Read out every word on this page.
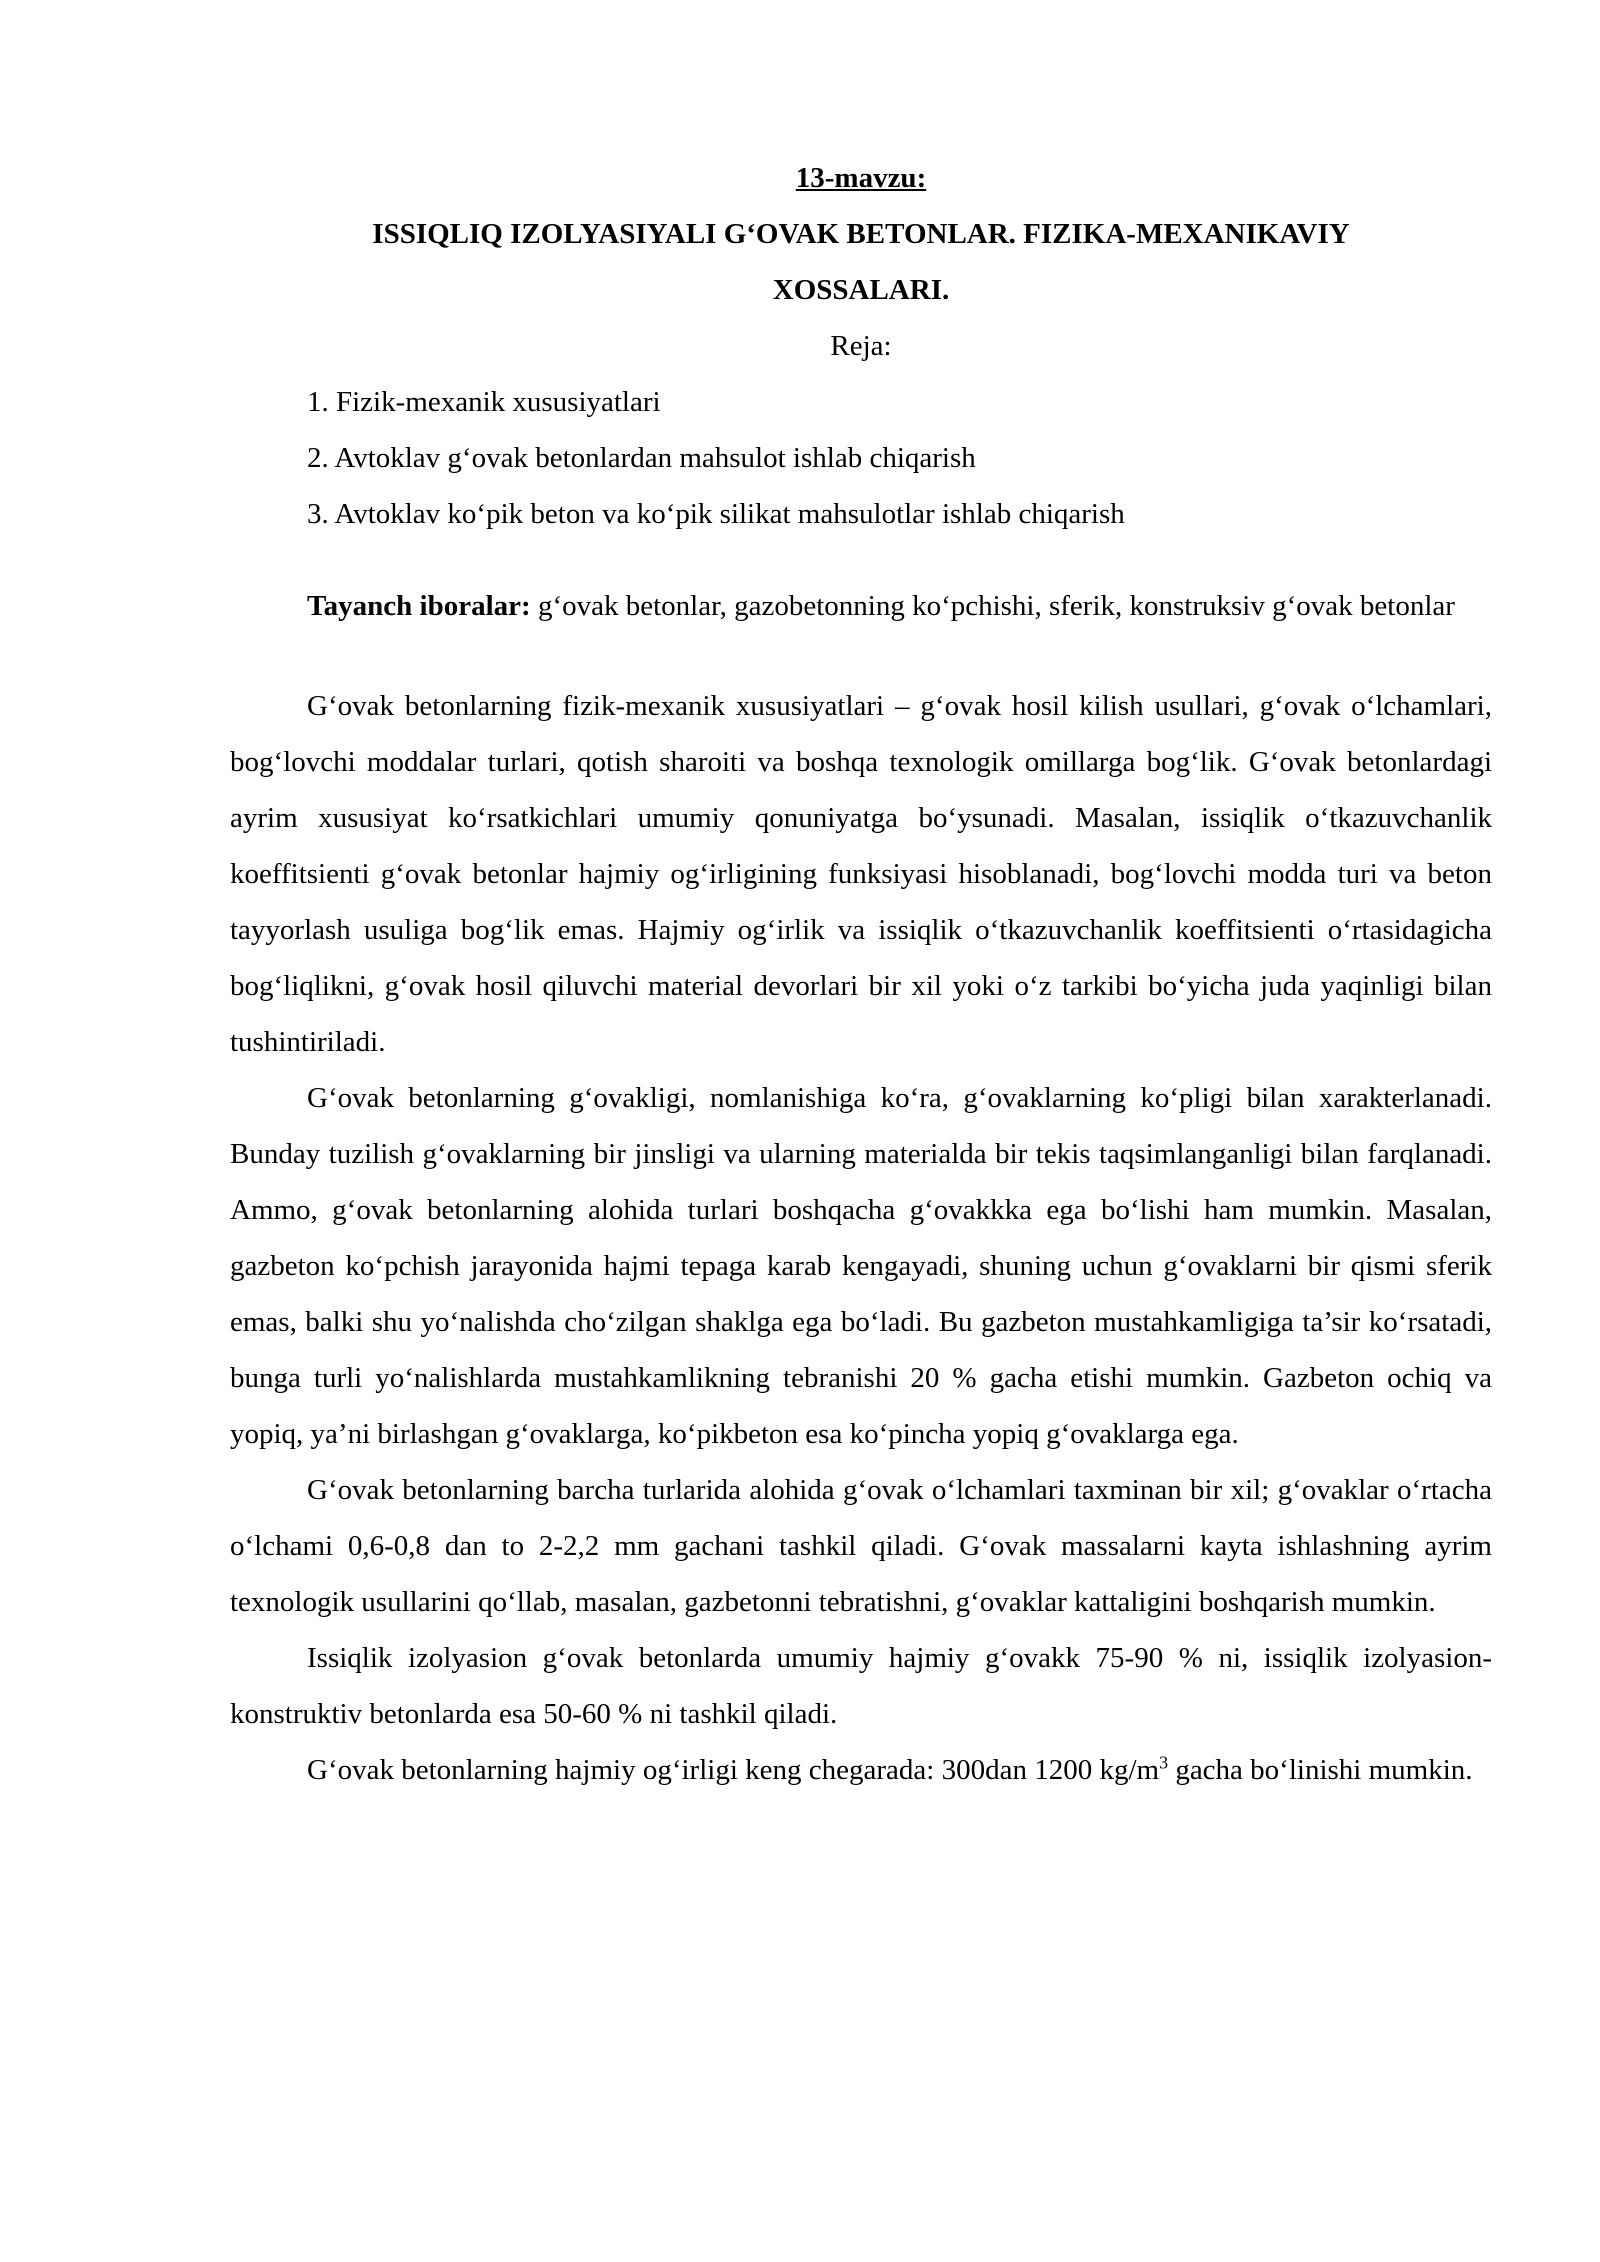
13-mavzu:

ISSIQLIQ IZOLYASIYALI G‘OVAK BETONLAR. FIZIKA-MEXANIKAVIY

XOSSALARI.

Reja:

1. Fizik-mexanik xususiyatlari
2. Avtoklav g‘ovak betonlardan mahsulot ishlab chiqarish
3. Avtoklav ko‘pik beton va ko‘pik silikat mahsulotlar ishlab chiqarish

Tayanch iboralar: g‘ovak betonlar, gazobetonning ko‘pchishi, sferik, konstruksiv g‘ovak betonlar

G‘ovak betonlarning fizik-mexanik xususiyatlari – g‘ovak hosil kilish usullari, g‘ovak o‘lchamlari, bog‘lovchi moddalar turlari, qotish sharoiti va boshqa texnologik omillarga bog‘lik. G‘ovak betonlardagi ayrim xususiyat ko‘rsatkichlari umumiy qonuniyatga bo‘ysunadi. Masalan, issiqlik o‘tkazuvchanlik koeffitsienti g‘ovak betonlar hajmiy og‘irligining funksiyasi hisoblanadi, bog‘lovchi modda turi va beton tayyorlash usuliga bog‘lik emas. Hajmiy og‘irlik va issiqlik o‘tkazuvchanlik koeffitsienti o‘rtasidagicha bog‘liqlikni, g‘ovak hosil qiluvchi material devorlari bir xil yoki o‘z tarkibi bo‘yicha juda yaqinligi bilan tushintiriladi.

G‘ovak betonlarning g‘ovakligi, nomlanishiga ko‘ra, g‘ovaklarning ko‘pligi bilan xarakterlanadi. Bunday tuzilish g‘ovaklarning bir jinsligi va ularning materialda bir tekis taqsimlanganligi bilan farqlanadi. Ammo, g‘ovak betonlarning alohida turlari boshqacha g‘ovakkka ega bo‘lishi ham mumkin. Masalan, gazbeton ko‘pchish jarayonida hajmi tepaga karab kengayadi, shuning uchun g‘ovaklarni bir qismi sferik emas, balki shu yo‘nalishda cho‘zilgan shaklga ega bo‘ladi. Bu gazbeton mustahkamligiga ta’sir ko‘rsatadi, bunga turli yo‘nalishlarda mustahkamlikning tebranishi 20 % gacha etishi mumkin. Gazbeton ochiq va yopiq, ya’ni birlashgan g‘ovaklarga, ko‘pikbeton esa ko‘pincha yopiq g‘ovaklarga ega.

G‘ovak betonlarning barcha turlarida alohida g‘ovak o‘lchamlari taxminan bir xil; g‘ovaklar o‘rtacha o‘lchami 0,6-0,8 dan to 2-2,2 mm gachani tashkil qiladi. G‘ovak massalarni kayta ishlashning ayrim texnologik usullarini qo‘llab, masalan, gazbetonni tebratishni, g‘ovaklar kattaligini boshqarish mumkin.

Issiqlik izolyasion g‘ovak betonlarda umumiy hajmiy g‘ovakk 75-90 % ni, issiqlik izolyasion-konstruktiv betonlarda esa 50-60 % ni tashkil qiladi.

G‘ovak betonlarning hajmiy og‘irligi keng chegarada: 300dan 1200 $kg/m^3$ gacha bo‘linishi mumkin.
